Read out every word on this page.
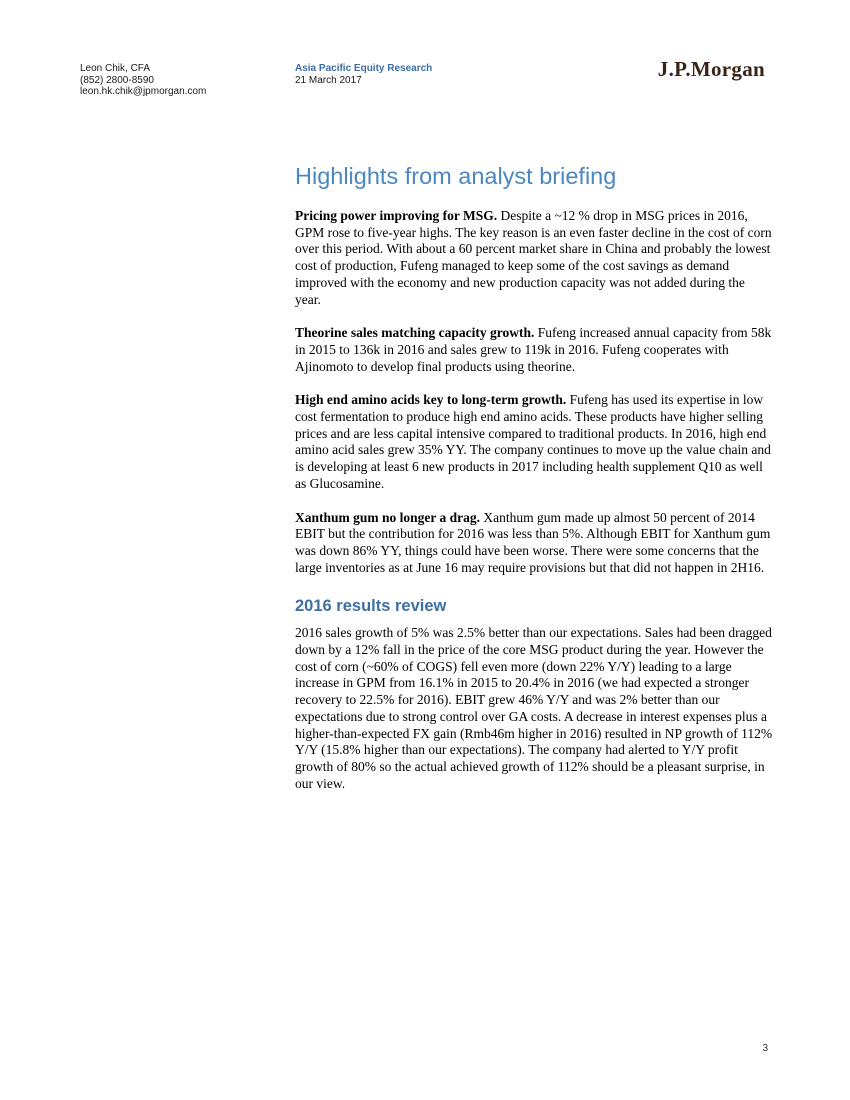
Leon Chik, CFA
(852) 2800-8590
leon.hk.chik@jpmorgan.com
Asia Pacific Equity Research
21 March 2017	J.P.Morgan
Highlights from analyst briefing

Pricing power improving for MSG. Despite a ~12 % drop in MSG prices in 2016, GPM rose to five-year highs. The key reason is an even faster decline in the cost of corn over this period. With about a 60 percent market share in China and probably the lowest cost of production, Fufeng managed to keep some of the cost savings as demand improved with the economy and new production capacity was not added during the year.

Theorine sales matching capacity growth. Fufeng increased annual capacity from 58k in 2015 to 136k in 2016 and sales grew to 119k in 2016. Fufeng cooperates with Ajinomoto to develop final products using theorine.

High end amino acids key to long-term growth. Fufeng has used its expertise in low cost fermentation to produce high end amino acids. These products have higher selling prices and are less capital intensive compared to traditional products. In 2016, high end amino acid sales grew 35% YY. The company continues to move up the value chain and is developing at least 6 new products in 2017 including health supplement Q10 as well as Glucosamine.

Xanthum gum no longer a drag. Xanthum gum made up almost 50 percent of 2014 EBIT but the contribution for 2016 was less than 5%. Although EBIT for Xanthum gum was down 86% YY, things could have been worse. There were some concerns that the large inventories as at June 16 may require provisions but that did not happen in 2H16.

2016 results review

2016 sales growth of 5% was 2.5% better than our expectations. Sales had been dragged down by a 12% fall in the price of the core MSG product during the year. However the cost of corn (~60% of COGS) fell even more (down 22% Y/Y) leading to a large increase in GPM from 16.1% in 2015 to 20.4% in 2016 (we had expected a stronger recovery to 22.5% for 2016). EBIT grew 46% Y/Y and was 2% better than our expectations due to strong control over GA costs. A decrease in interest expenses plus a higher-than-expected FX gain (Rmb46m higher in 2016) resulted in NP growth of 112% Y/Y (15.8% higher than our expectations). The company had alerted to Y/Y profit growth of 80% so the actual achieved growth of 112% should be a pleasant surprise, in our view.

3
